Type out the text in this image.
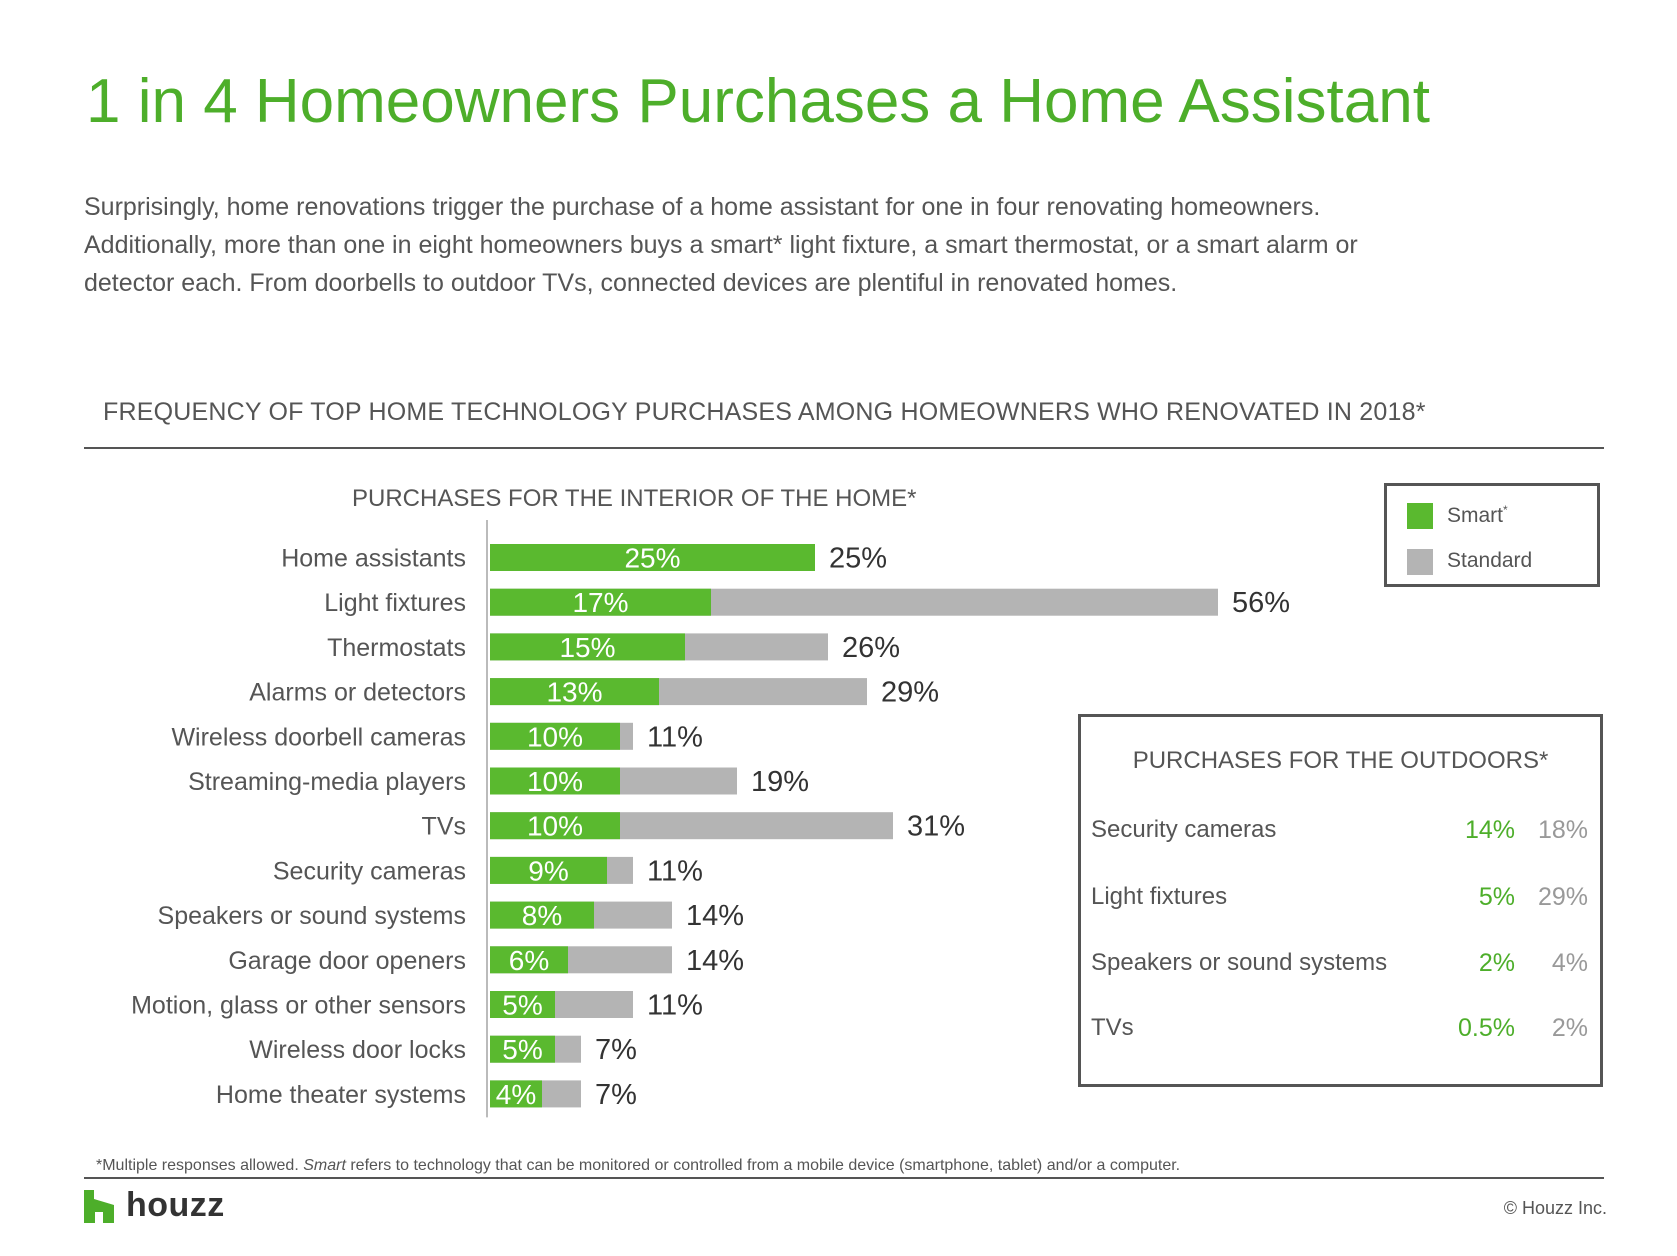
1 in 4 Homeowners Purchases a Home Assistant
Surprisingly, home renovations trigger the purchase of a home assistant for one in four renovating homeowners.
Additionally, more than one in eight homeowners buys a smart* light fixture, a smart thermostat, or a smart alarm or
detector each. From doorbells to outdoor TVs, connected devices are plentiful in renovated homes.
FREQUENCY OF TOP HOME TECHNOLOGY PURCHASES AMONG HOMEOWNERS WHO RENOVATED IN 2018*
PURCHASES FOR THE INTERIOR OF THE HOME*
Home assistants	25%	25%
Light fixtures	17%	56%
Thermostats	15%	26%
Alarms or detectors	13%	29%
Wireless doorbell cameras 10% 11%
Streaming-media players 10%	19%
TVs 10%	31%
Security cameras 9%	11%
Speakers or sound systems 8%	14%
Garage door openers 6%	14%
Motion, glass or other sensors 5%	11%
Wireless door locks 5% 7%
Home theater systems 4% 7%
Smart*
Standard
PURCHASES FOR THE OUTDOORS*
Security cameras	14% 18%
Light fixtures	5% 29%
Speakers or sound systems	2% 4%
TVs	0.5% 2%
*Multiple responses allowed. Smart refers to technology that can be monitored or controlled from a mobile device (smartphone, tablet) and/or a computer.
houzz	© Houzz Inc.
